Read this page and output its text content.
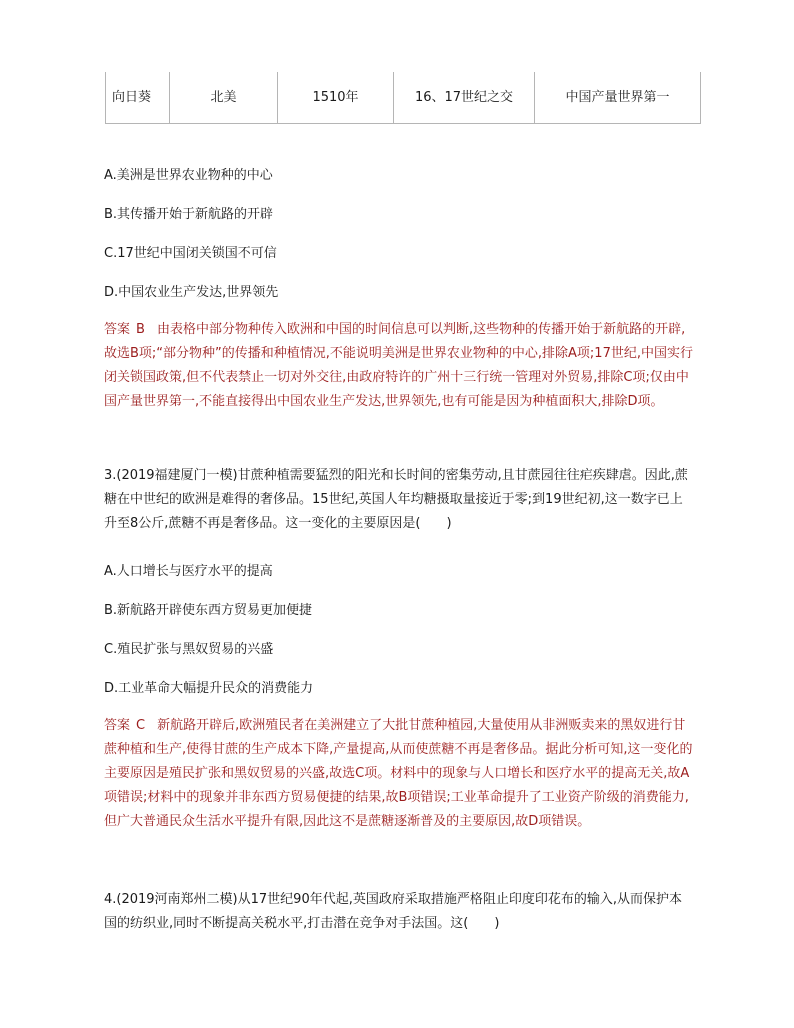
向日葵	北美	1510年	16、17世纪之交	中国产量世界第一
A.美洲是世界农业物种的中心
B.其传播开始于新航路的开辟
C.17世纪中国闭关锁国不可信
D.中国农业生产发达,世界领先
答案 B 由表格中部分物种传入欧洲和中国的时间信息可以判断,这些物种的传播开始于新航路的开辟,故选B项;“部分物种”的传播和种植情况,不能说明美洲是世界农业物种的中心,排除A项;17世纪,中国实行闭关锁国政策,但不代表禁止一切对外交往,由政府特许的广州十三行统一管理对外贸易,排除C项;仅由中国产量世界第一,不能直接得出中国农业生产发达,世界领先,也有可能是因为种植面积大,排除D项。
3.(2019福建厦门一模)甘蔗种植需要猛烈的阳光和长时间的密集劳动,且甘蔗园往往疟疾肆虐。因此,蔗糖在中世纪的欧洲是难得的奢侈品。15世纪,英国人年均糖摄取量接近于零;到19世纪初,这一数字已上升至8公斤,蔗糖不再是奢侈品。这一变化的主要原因是(　　)
A.人口增长与医疗水平的提高
B.新航路开辟使东西方贸易更加便捷
C.殖民扩张与黑奴贸易的兴盛
D.工业革命大幅提升民众的消费能力
答案 C 新航路开辟后,欧洲殖民者在美洲建立了大批甘蔗种植园,大量使用从非洲贩卖来的黑奴进行甘蔗种植和生产,使得甘蔗的生产成本下降,产量提高,从而使蔗糖不再是奢侈品。据此分析可知,这一变化的主要原因是殖民扩张和黑奴贸易的兴盛,故选C项。材料中的现象与人口增长和医疗水平的提高无关,故A项错误;材料中的现象并非东西方贸易便捷的结果,故B项错误;工业革命提升了工业资产阶级的消费能力,但广大普通民众生活水平提升有限,因此这不是蔗糖逐渐普及的主要原因,故D项错误。
4.(2019河南郑州二模)从17世纪90年代起,英国政府采取措施严格阻止印度印花布的输入,从而保护本国的纺织业,同时不断提高关税水平,打击潜在竞争对手法国。这(　　)
